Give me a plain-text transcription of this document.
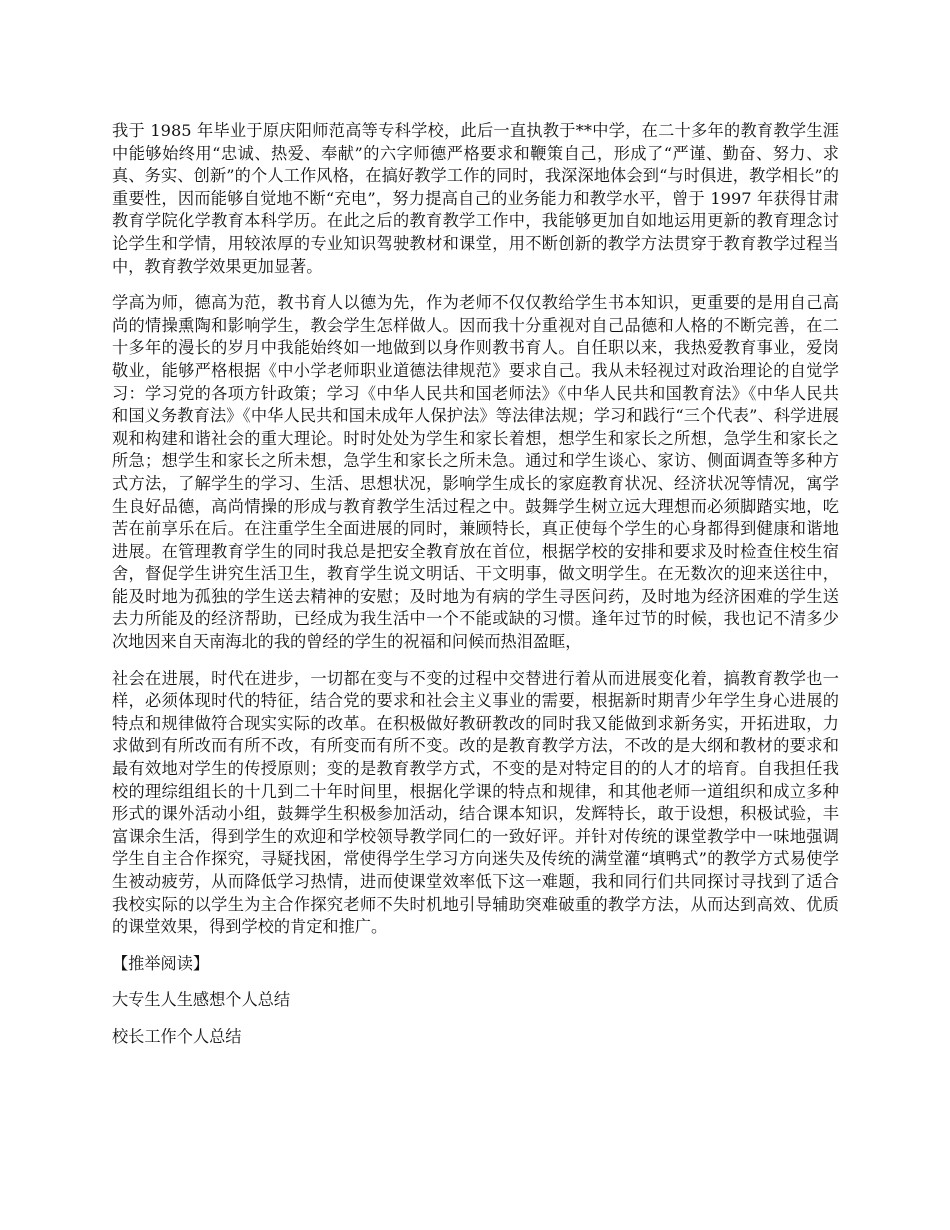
我于 1985 年毕业于原庆阳师范高等专科学校，此后一直执教于**中学，在二十多年的教育教学生涯中能够始终用“忠诚、热爱、奉献”的六字师德严格要求和鞭策自己，形成了“严谨、勤奋、努力、求真、务实、创新”的个人工作风格，在搞好教学工作的同时，我深深地体会到“与时俱进，教学相长”的重要性，因而能够自觉地不断“充电”，努力提高自己的业务能力和教学水平，曾于 1997 年获得甘肃教育学院化学教育本科学历。在此之后的教育教学工作中，我能够更加自如地运用更新的教育理念讨论学生和学情，用较浓厚的专业知识驾驶教材和课堂，用不断创新的教学方法贯穿于教育教学过程当中，教育教学效果更加显著。

学高为师，德高为范，教书育人以德为先，作为老师不仅仅教给学生书本知识，更重要的是用自己高尚的情操熏陶和影响学生，教会学生怎样做人。因而我十分重视对自己品德和人格的不断完善，在二十多年的漫长的岁月中我能始终如一地做到以身作则教书育人。自任职以来，我热爱教育事业，爱岗敬业，能够严格根据《中小学老师职业道德法律规范》要求自己。我从未轻视过对政治理论的自觉学习：学习党的各项方针政策；学习《中华人民共和国老师法》《中华人民共和国教育法》《中华人民共和国义务教育法》《中华人民共和国未成年人保护法》等法律法规；学习和践行“三个代表”、科学进展观和构建和谐社会的重大理论。时时处处为学生和家长着想，想学生和家长之所想，急学生和家长之所急；想学生和家长之所未想，急学生和家长之所未急。通过和学生谈心、家访、侧面调查等多种方式方法，了解学生的学习、生活、思想状况，影响学生成长的家庭教育状况、经济状况等情况，寓学生良好品德，高尚情操的形成与教育教学生活过程之中。鼓舞学生树立远大理想而必须脚踏实地，吃苦在前享乐在后。在注重学生全面进展的同时，兼顾特长，真正使每个学生的心身都得到健康和谐地进展。在管理教育学生的同时我总是把安全教育放在首位，根据学校的安排和要求及时检查住校生宿舍，督促学生讲究生活卫生，教育学生说文明话、干文明事，做文明学生。在无数次的迎来送往中，能及时地为孤独的学生送去精神的安慰；及时地为有病的学生寻医问药，及时地为经济困难的学生送去力所能及的经济帮助，已经成为我生活中一个不能或缺的习惯。逢年过节的时候，我也记不清多少次地因来自天南海北的我的曾经的学生的祝福和问候而热泪盈眶，

社会在进展，时代在进步，一切都在变与不变的过程中交替进行着从而进展变化着，搞教育教学也一样，必须体现时代的特征，结合党的要求和社会主义事业的需要，根据新时期青少年学生身心进展的特点和规律做符合现实实际的改革。在积极做好教研教改的同时我又能做到求新务实，开拓进取，力求做到有所改而有所不改，有所变而有所不变。改的是教育教学方法，不改的是大纲和教材的要求和最有效地对学生的传授原则；变的是教育教学方式，不变的是对特定目的的人才的培育。自我担任我校的理综组组长的十几到二十年时间里，根据化学课的特点和规律，和其他老师一道组织和成立多种形式的课外活动小组，鼓舞学生积极参加活动，结合课本知识，发辉特长，敢于设想，积极试验，丰富课余生活，得到学生的欢迎和学校领导教学同仁的一致好评。并针对传统的课堂教学中一味地强调学生自主合作探究，寻疑找困，常使得学生学习方向迷失及传统的满堂灌“填鸭式”的教学方式易使学生被动疲劳，从而降低学习热情，进而使课堂效率低下这一难题，我和同行们共同探讨寻找到了适合我校实际的以学生为主合作探究老师不失时机地引导辅助突难破重的教学方法，从而达到高效、优质的课堂效果，得到学校的肯定和推广。

【推举阅读】

大专生人生感想个人总结

校长工作个人总结
